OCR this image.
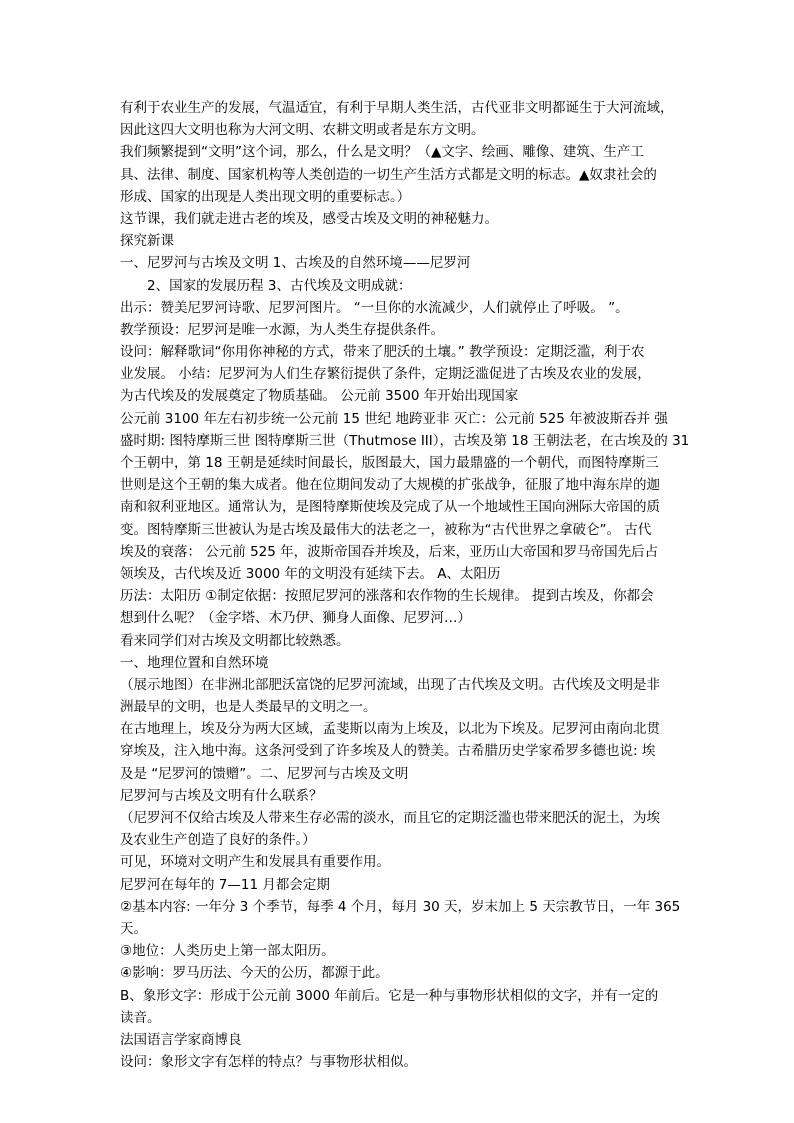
有利于农业生产的发展，气温适宜，有利于早期人类生活，古代亚非文明都诞生于大河流域，
因此这四大文明也称为大河文明、农耕文明或者是东方文明。
我们频繁提到“文明”这个词，那么，什么是文明？（▲文字、绘画、雕像、建筑、生产工
具、法律、制度、国家机构等人类创造的一切生产生活方式都是文明的标志。▲奴隶社会的
形成、国家的出现是人类出现文明的重要标志。）
这节课，我们就走进古老的埃及，感受古埃及文明的神秘魅力。
探究新课
一、尼罗河与古埃及文明 1、古埃及的自然环境——尼罗河
2、国家的发展历程 3、古代埃及文明成就：
出示：赞美尼罗河诗歌、尼罗河图片。 “一旦你的水流减少，人们就停止了呼吸。 ”。
教学预设：尼罗河是唯一水源，为人类生存提供条件。
设问：解释歌词“你用你神秘的方式，带来了肥沃的土壤。” 教学预设：定期泛滥，利于农
业发展。 小结：尼罗河为人们生存繁衍提供了条件，定期泛滥促进了古埃及农业的发展，
为古代埃及的发展奠定了物质基础。 公元前 3500 年开始出现国家
公元前 3100 年左右初步统一公元前 15 世纪 地跨亚非 灭亡：公元前 525 年被波斯吞并 强
盛时期: 图特摩斯三世 图特摩斯三世（Thutmose III），古埃及第 18 王朝法老，在古埃及的 31
个王朝中，第 18 王朝是延续时间最长，版图最大，国力最鼎盛的一个朝代，而图特摩斯三
世则是这个王朝的集大成者。他在位期间发动了大规模的扩张战争，征服了地中海东岸的迦
南和叙利亚地区。通常认为，是图特摩斯使埃及完成了从一个地域性王国向洲际大帝国的质
变。图特摩斯三世被认为是古埃及最伟大的法老之一，被称为“古代世界之拿破仑”。 古代
埃及的衰落： 公元前 525 年，波斯帝国吞并埃及，后来，亚历山大帝国和罗马帝国先后占
领埃及，古代埃及近 3000 年的文明没有延续下去。 A、太阳历
历法：太阳历 ①制定依据：按照尼罗河的涨落和农作物的生长规律。 提到古埃及，你都会
想到什么呢？（金字塔、木乃伊、狮身人面像、尼罗河…）
看来同学们对古埃及文明都比较熟悉。
一、地理位置和自然环境
（展示地图）在非洲北部肥沃富饶的尼罗河流域，出现了古代埃及文明。古代埃及文明是非
洲最早的文明，也是人类最早的文明之一。
在古地理上，埃及分为两大区域，孟斐斯以南为上埃及，以北为下埃及。尼罗河由南向北贯
穿埃及，注入地中海。这条河受到了许多埃及人的赞美。古希腊历史学家希罗多德也说: 埃
及是 “尼罗河的馈赠”。二、尼罗河与古埃及文明
尼罗河与古埃及文明有什么联系？
（尼罗河不仅给古埃及人带来生存必需的淡水，而且它的定期泛滥也带来肥沃的泥土，为埃
及农业生产创造了良好的条件。）
可见，环境对文明产生和发展具有重要作用。
尼罗河在每年的 7—11 月都会定期
②基本内容: 一年分 3 个季节，每季 4 个月，每月 30 天，岁末加上 5 天宗教节日，一年 365
天。
③地位：人类历史上第一部太阳历。
④影响：罗马历法、今天的公历，都源于此。
B、象形文字：形成于公元前 3000 年前后。它是一种与事物形状相似的文字，并有一定的
读音。
法国语言学家商博良
设问：象形文字有怎样的特点？与事物形状相似。
